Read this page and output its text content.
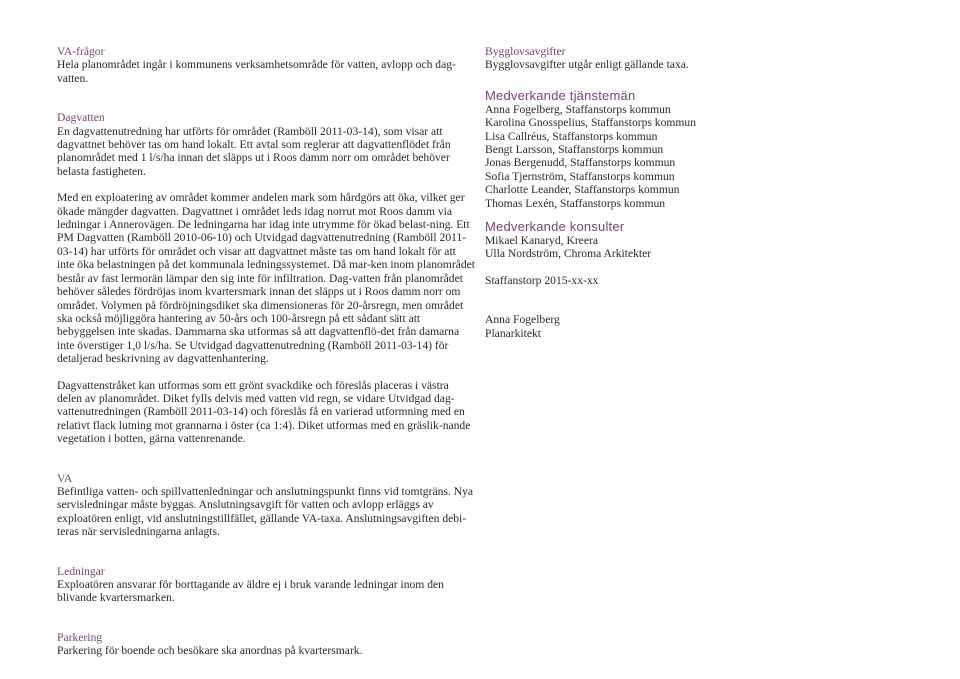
VA-frågor

Hela planområdet ingår i kommunens verksamhetsområde för vatten, avlopp och dag-vatten.

Dagvatten

En dagvattenutredning har utförts för området (Ramböll 2011-03-14), som visar att dagvattnet behöver tas om hand lokalt. Ett avtal som reglerar att dagvattenflödet från planområdet med 1 l/s/ha innan det släpps ut i Roos damm norr om området behöver belasta fastigheten.

Med en exploatering av området kommer andelen mark som hårdgörs att öka, vilket ger ökade mängder dagvatten. Dagvattnet i området leds idag norrut mot Roos damm via ledningar i Annerovägen. De ledningarna har idag inte utrymme för ökad belast-ning. Ett PM Dagvatten (Ramböll 2010-06-10) och Utvidgad dagvattenutredning (Ramböll 2011-03-14) har utförts för området och visar att dagvattnet måste tas om hand lokalt för att inte öka belastningen på det kommunala ledningssystemet. Då mar-ken inom planområdet består av fast lermorän lämpar den sig inte för infiltration. Dag-vatten från planområdet behöver således fördröjas inom kvartersmark innan det släpps ut i Roos damm norr om området. Volymen på fördröjningsdiket ska dimensioneras för 20-årsregn, men området ska också möjliggöra hantering av 50-års och 100-årsregn på ett sådant sätt att bebyggelsen inte skadas. Dammarna ska utformas så att dagvattenflö-det från damarna inte överstiger 1,0 l/s/ha. Se Utvidgad dagvattenutredning (Ramböll 2011-03-14) för detaljerad beskrivning av dagvattenhantering.

Dagvattenstråket kan utformas som ett grönt svackdike och föreslås placeras i västra delen av planområdet. Diket fylls delvis med vatten vid regn, se vidare Utvidgad dag-vattenutredningen (Ramböll 2011-03-14) och föreslås få en varierad utformning med en relativt flack lutning mot grannarna i öster (ca 1:4). Diket utformas med en gräslik-nande vegetation i botten, gärna vattenrenande.

VA

Befintliga vatten- och spillvattenledningar och anslutningspunkt finns vid tomtgräns. Nya servisledningar måste byggas. Anslutningsavgift för vatten och avlopp erläggs av exploatören enligt, vid anslutningstillfället, gällande VA-taxa. Anslutningsavgiften debi-teras när servisledningarna anlagts.

Ledningar

Exploatören ansvarar för borttagande av äldre ej i bruk varande ledningar inom den blivande kvartersmarken.

Parkering

Parkering för boende och besökare ska anordnas på kvartersmark.

Bygglovsavgifter

Bygglovsavgifter utgår enligt gällande taxa.

Medverkande tjänstemän
Anna Fogelberg, Staffanstorps kommun
Karolina Gnosspelius, Staffanstorps kommun
Lisa Callréus, Staffanstorps kommun
Bengt Larsson, Staffanstorps kommun
Jonas Bergenudd, Staffanstorps kommun
Sofia Tjernström, Staffanstorps kommun
Charlotte Leander, Staffanstorps kommun
Thomas Lexén, Staffanstorps kommun
Medverkande konsulter
Mikael Kanaryd, Kreera
Ulla Nordström, Chroma Arkitekter
Staffanstorp 2015-xx-xx
Anna Fogelberg
Planarkitekt
